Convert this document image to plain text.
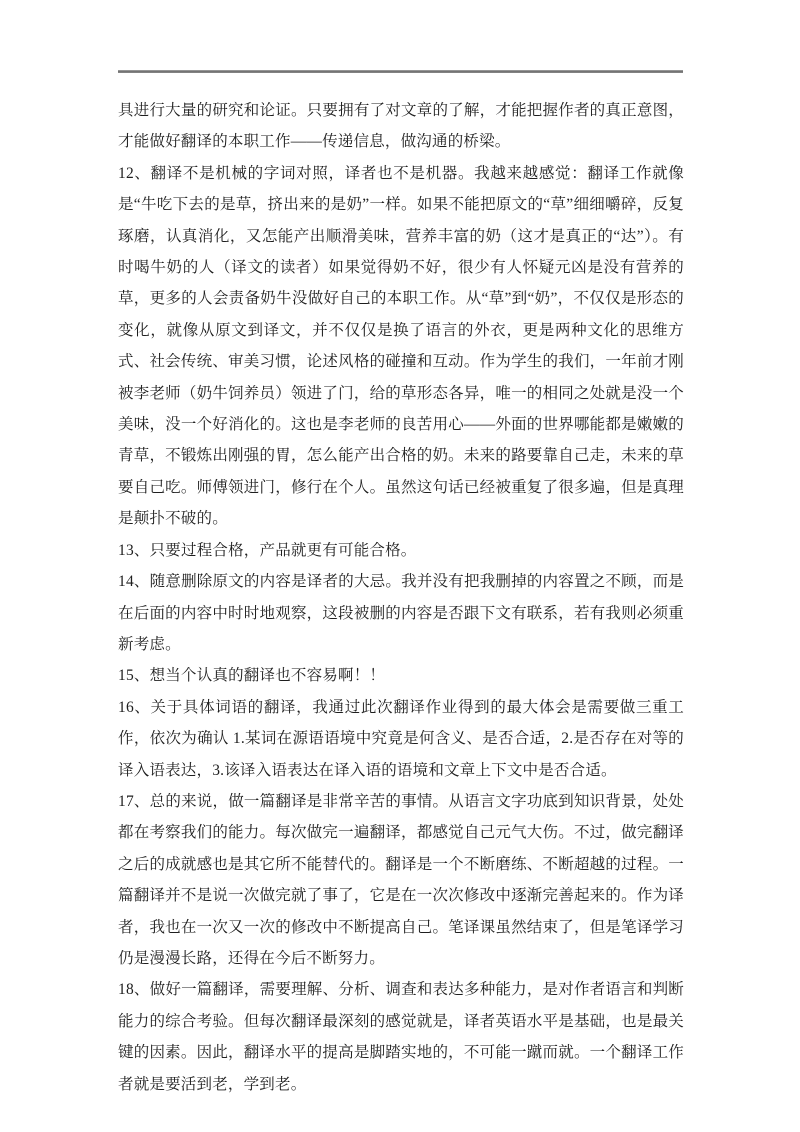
具进行大量的研究和论证。只要拥有了对文章的了解，才能把握作者的真正意图，才能做好翻译的本职工作——传递信息，做沟通的桥梁。

12、翻译不是机械的字词对照，译者也不是机器。我越来越感觉：翻译工作就像是“牛吃下去的是草，挤出来的是奶”一样。如果不能把原文的“草”细细嚼碎，反复琢磨，认真消化，又怎能产出顺滑美味，营养丰富的奶（这才是真正的“达”）。有时喝牛奶的人（译文的读者）如果觉得奶不好，很少有人怀疑元凶是没有营养的草，更多的人会责备奶牛没做好自己的本职工作。从“草”到“奶”，不仅仅是形态的变化，就像从原文到译文，并不仅仅是换了语言的外衣，更是两种文化的思维方式、社会传统、审美习惯，论述风格的碰撞和互动。作为学生的我们，一年前才刚被李老师（奶牛饲养员）领进了门，给的草形态各异，唯一的相同之处就是没一个美味，没一个好消化的。这也是李老师的良苦用心——外面的世界哪能都是嫩嫩的青草，不锻炼出刚强的胃，怎么能产出合格的奶。未来的路要靠自己走，未来的草要自己吃。师傅领进门，修行在个人。虽然这句话已经被重复了很多遍，但是真理是颠扑不破的。

13、只要过程合格，产品就更有可能合格。

14、随意删除原文的内容是译者的大忌。我并没有把我删掉的内容置之不顾，而是在后面的内容中时时地观察，这段被删的内容是否跟下文有联系，若有我则必须重新考虑。

15、想当个认真的翻译也不容易啊！！

16、关于具体词语的翻译，我通过此次翻译作业得到的最大体会是需要做三重工作，依次为确认 1.某词在源语语境中究竟是何含义、是否合适，2.是否存在对等的译入语表达，3.该译入语表达在译入语的语境和文章上下文中是否合适。

17、总的来说，做一篇翻译是非常辛苦的事情。从语言文字功底到知识背景，处处都在考察我们的能力。每次做完一遍翻译，都感觉自己元气大伤。不过，做完翻译之后的成就感也是其它所不能替代的。翻译是一个不断磨练、不断超越的过程。一篇翻译并不是说一次做完就了事了，它是在一次次修改中逐渐完善起来的。作为译者，我也在一次又一次的修改中不断提高自己。笔译课虽然结束了，但是笔译学习仍是漫漫长路，还得在今后不断努力。

18、做好一篇翻译，需要理解、分析、调查和表达多种能力，是对作者语言和判断能力的综合考验。但每次翻译最深刻的感觉就是，译者英语水平是基础，也是最关键的因素。因此，翻译水平的提高是脚踏实地的，不可能一蹴而就。一个翻译工作者就是要活到老，学到老。
